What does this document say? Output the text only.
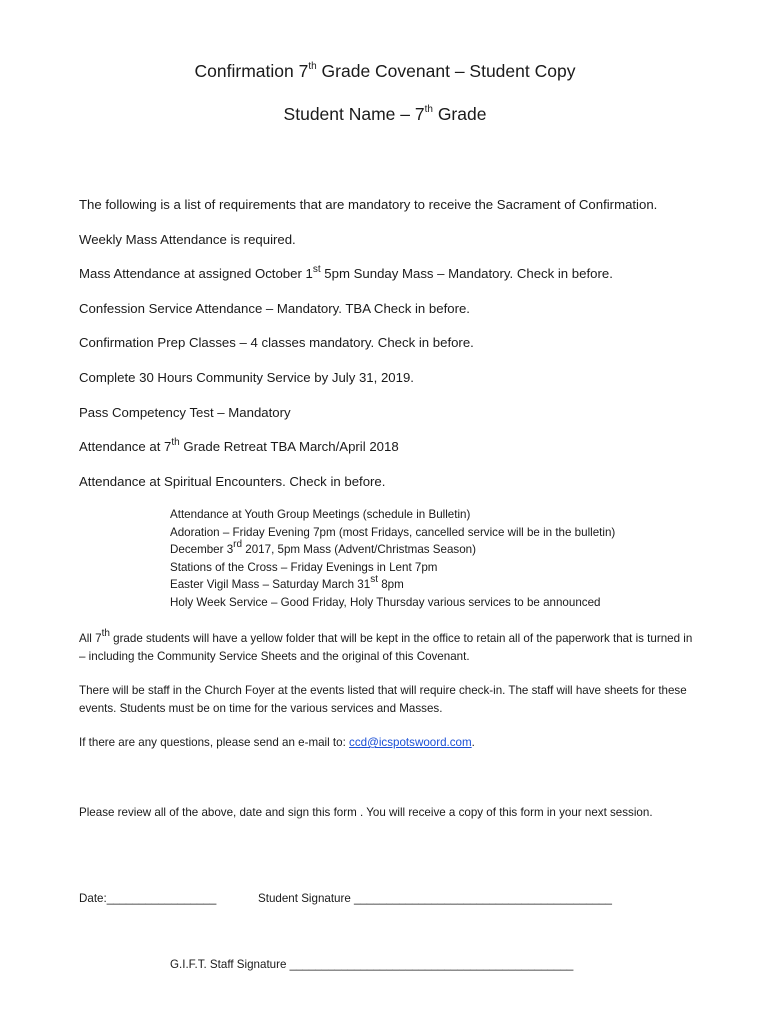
Confirmation 7th Grade Covenant – Student Copy
Student Name – 7th Grade
The following is a list of requirements that are mandatory to receive the Sacrament of Confirmation.
Weekly Mass Attendance is required.
Mass Attendance at assigned October 1st 5pm Sunday Mass – Mandatory. Check in before.
Confession Service Attendance – Mandatory. TBA Check in before.
Confirmation Prep Classes – 4 classes mandatory. Check in before.
Complete 30 Hours Community Service by July 31, 2019.
Pass Competency Test – Mandatory
Attendance at 7th Grade Retreat TBA March/April 2018
Attendance at Spiritual Encounters. Check in before.
Attendance at Youth Group Meetings (schedule in Bulletin)
Adoration – Friday Evening 7pm (most Fridays, cancelled service will be in the bulletin)
December 3rd 2017, 5pm Mass (Advent/Christmas Season)
Stations of the Cross – Friday Evenings in Lent 7pm
Easter Vigil Mass – Saturday March 31st 8pm
Holy Week Service – Good Friday, Holy Thursday various services to be announced
All 7th grade students will have a yellow folder that will be kept in the office to retain all of the paperwork that is turned in – including the Community Service Sheets and the original of this Covenant.
There will be staff in the Church Foyer at the events listed that will require check-in. The staff will have sheets for these events. Students must be on time for the various services and Masses.
If there are any questions, please send an e-mail to: ccd@icspotswoord.com.
Please review all of the above, date and sign this form . You will receive a copy of this form in your next session.
Date:_________________	Student Signature ________________________________________
G.I.F.T. Staff Signature ____________________________________________
